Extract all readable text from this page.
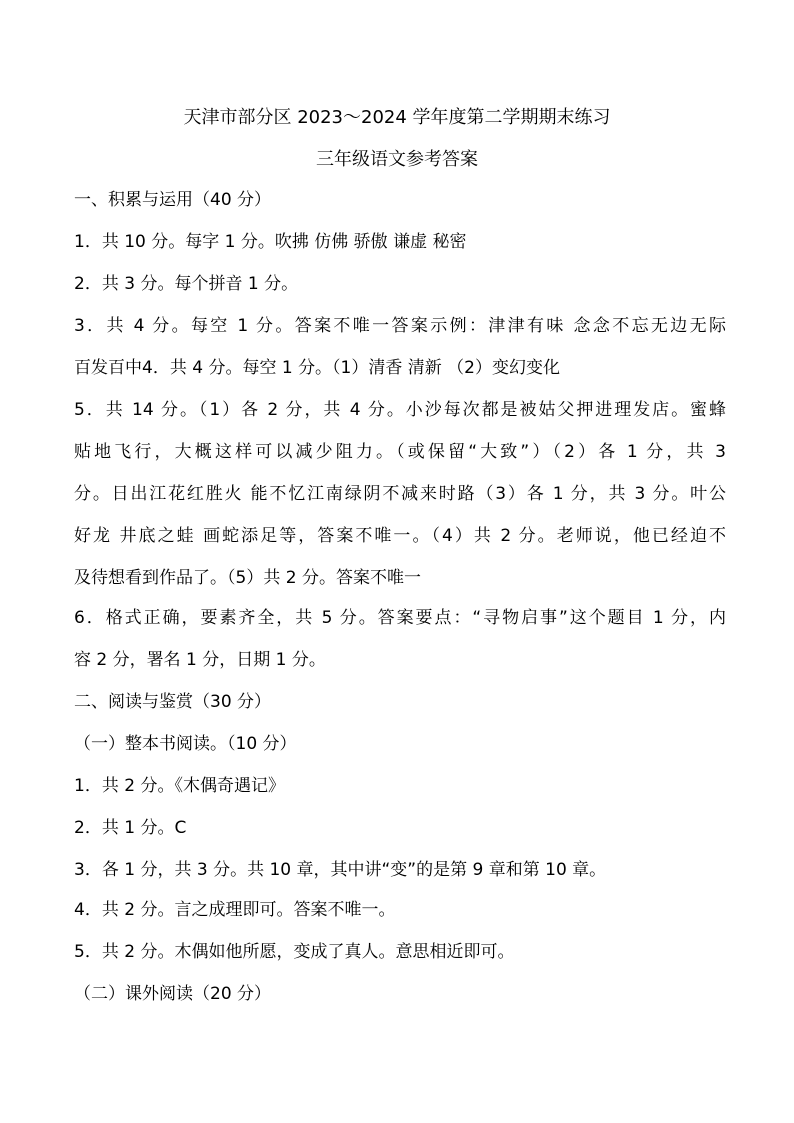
天津市部分区 2023～2024 学年度第二学期期末练习
三年级语文参考答案
一、积累与运用（40 分）
1．共 10 分。每字 1 分。吹拂 仿佛 骄傲 谦虚 秘密
2．共 3 分。每个拼音 1 分。
3．共 4 分。每空 1 分。答案不唯一答案示例：津津有味 念念不忘无边无际
百发百中4．共 4 分。每空 1 分。（1）清香 清新 （2）变幻变化
5．共 14 分。（1）各 2 分，共 4 分。小沙每次都是被姑父押进理发店。蜜蜂
贴地飞行，大概这样可以减少阻力。（或保留“大致”）（2）各 1 分，共 3
分。日出江花红胜火 能不忆江南绿阴不减来时路（3）各 1 分，共 3 分。叶公
好龙 井底之蛙 画蛇添足等，答案不唯一。（4）共 2 分。老师说，他已经迫不
及待想看到作品了。（5）共 2 分。答案不唯一
6．格式正确，要素齐全，共 5 分。答案要点：“寻物启事”这个题目 1 分，内
容 2 分，署名 1 分，日期 1 分。
二、阅读与鉴赏（30 分）
（一）整本书阅读。（10 分）
1．共 2 分。《木偶奇遇记》
2．共 1 分。C
3．各 1 分，共 3 分。共 10 章，其中讲“变”的是第 9 章和第 10 章。
4．共 2 分。言之成理即可。答案不唯一。
5．共 2 分。木偶如他所愿，变成了真人。意思相近即可。
（二）课外阅读（20 分）
